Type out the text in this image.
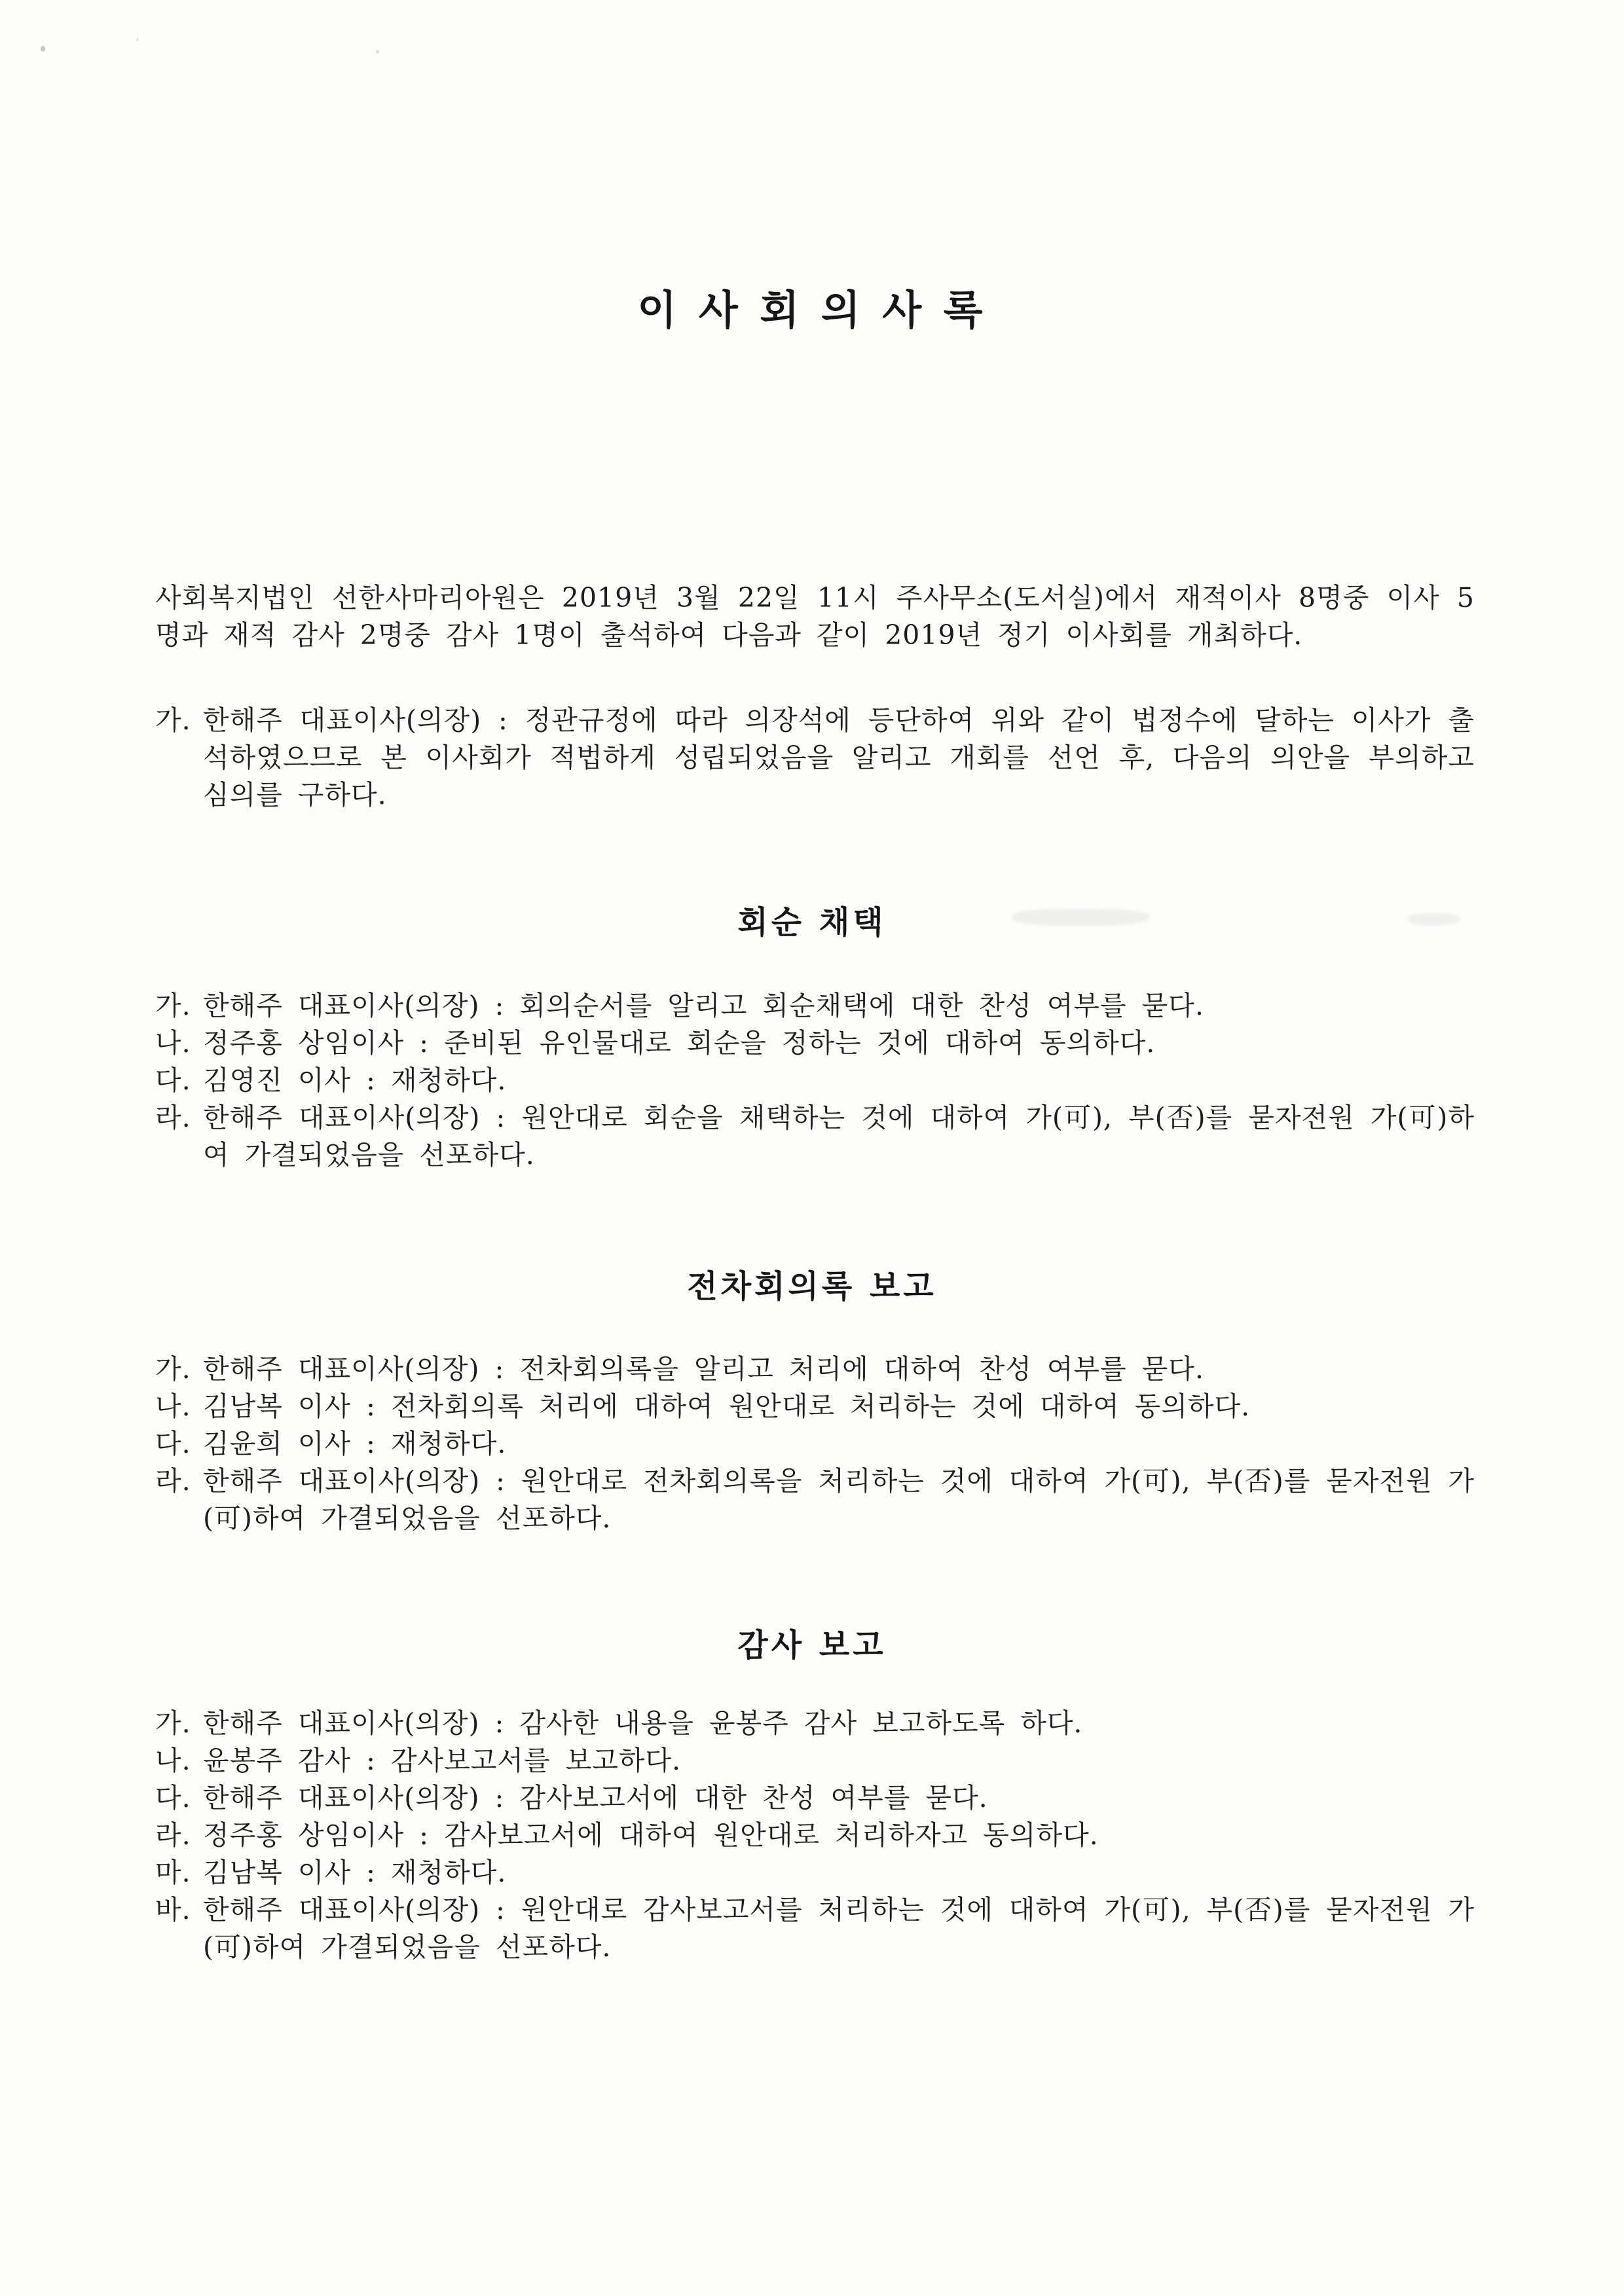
이 사 회 의 사 록

사회복지법인 선한사마리아원은 2019년 3월 22일 11시 주사무소(도서실)에서 재적이사 8명중 이사 5명과 재적 감사 2명중 감사 1명이 출석하여 다음과 같이 2019년 정기 이사회를 개최하다.

가. 한해주 대표이사(의장) : 정관규정에 따라 의장석에 등단하여 위와 같이 법정수에 달하는 이사가 출석하였으므로 본 이사회가 적법하게 성립되었음을 알리고 개회를 선언 후, 다음의 의안을 부의하고 심의를 구하다.
회순 채택
가. 한해주 대표이사(의장) : 회의순서를 알리고 회순채택에 대한 찬성 여부를 묻다.
나. 정주홍 상임이사 : 준비된 유인물대로 회순을 정하는 것에 대하여 동의하다.
다. 김영진 이사 : 재청하다.
라. 한해주 대표이사(의장) : 원안대로 회순을 채택하는 것에 대하여 가(可), 부(否)를 묻자전원 가(可)하여 가결되었음을 선포하다.
전차회의록 보고
가. 한해주 대표이사(의장) : 전차회의록을 알리고 처리에 대하여 찬성 여부를 묻다.
나. 김남복 이사 : 전차회의록 처리에 대하여 원안대로 처리하는 것에 대하여 동의하다.
다. 김윤희 이사 : 재청하다.
라. 한해주 대표이사(의장) : 원안대로 전차회의록을 처리하는 것에 대하여 가(可), 부(否)를 묻자전원 가(可)하여 가결되었음을 선포하다.
감사 보고
가. 한해주 대표이사(의장) : 감사한 내용을 윤봉주 감사 보고하도록 하다.
나. 윤봉주 감사 : 감사보고서를 보고하다.
다. 한해주 대표이사(의장) : 감사보고서에 대한 찬성 여부를 묻다.
라. 정주홍 상임이사 : 감사보고서에 대하여 원안대로 처리하자고 동의하다.
마. 김남복 이사 : 재청하다.
바. 한해주 대표이사(의장) : 원안대로 감사보고서를 처리하는 것에 대하여 가(可), 부(否)를 묻자전원 가(可)하여 가결되었음을 선포하다.
